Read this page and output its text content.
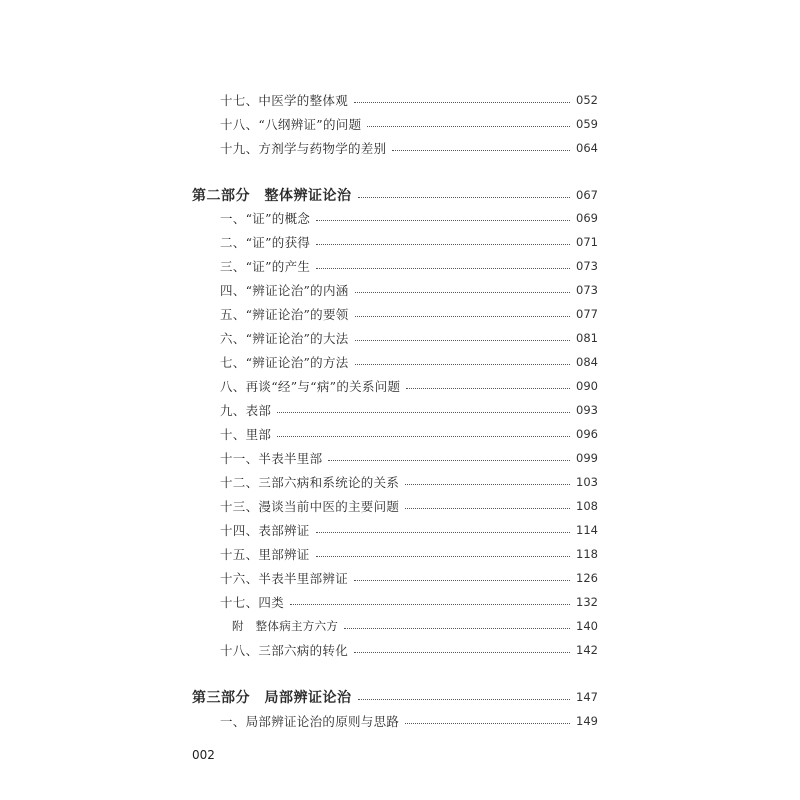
十七、中医学的整体观	052
十八、“八纲辨证”的问题	059
十九、方剂学与药物学的差别	064
第二部分　整体辨证论治	067
一、“证”的概念	069
二、“证”的获得	071
三、“证”的产生	073
四、“辨证论治”的内涵	073
五、“辨证论治”的要领	077
六、“辨证论治”的大法	081
七、“辨证论治”的方法	084
八、再谈“经”与“病”的关系问题	090
九、表部	093
十、里部	096
十一、半表半里部	099
十二、三部六病和系统论的关系	103
十三、漫谈当前中医的主要问题	108
十四、表部辨证	114
十五、里部辨证	118
十六、半表半里部辨证	126
十七、四类	132
附　整体病主方六方	140
十八、三部六病的转化	142
第三部分　局部辨证论治	147
一、局部辨证论治的原则与思路	149
002
